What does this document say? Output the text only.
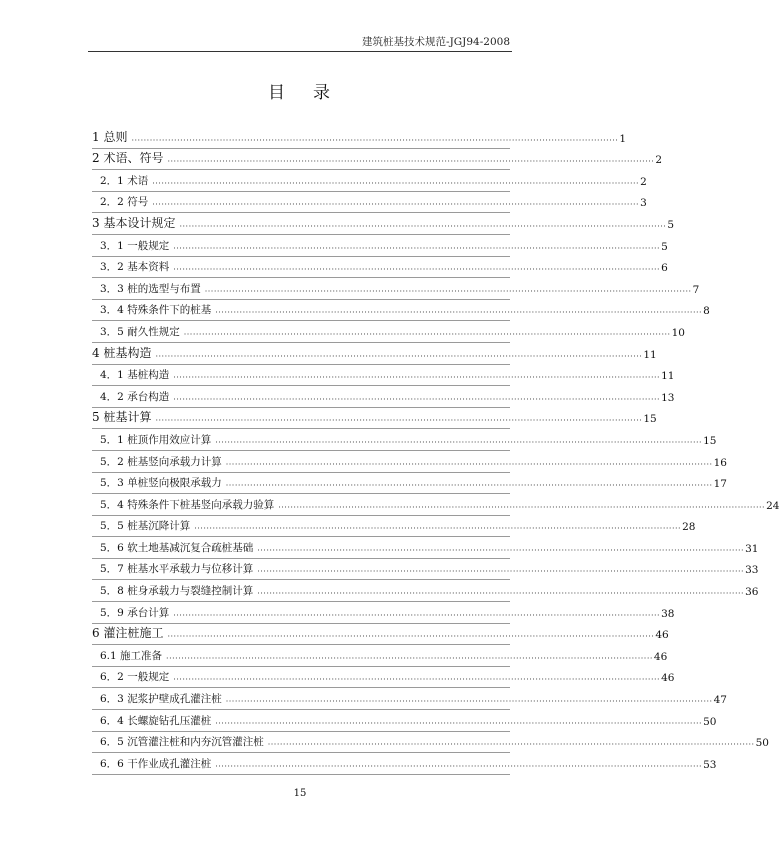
建筑桩基技术规范-JGJ94-2008
目 录
1 总则 ································································································································································ 1
2 术语、符号 ································································································································································ 2
2．1 术语 ································································································································································ 2
2．2 符号 ································································································································································ 3
3 基本设计规定 ································································································································································ 5
3．1 一般规定 ································································································································································ 5
3．2 基本资料 ································································································································································ 6
3．3 桩的选型与布置 ································································································································································ 7
3．4 特殊条件下的桩基 ································································································································································ 8
3．5 耐久性规定 ································································································································································ 10
4 桩基构造 ································································································································································ 11
4．1 基桩构造 ································································································································································ 11
4．2 承台构造 ································································································································································ 13
5 桩基计算 ································································································································································ 15
5．1 桩顶作用效应计算 ································································································································································ 15
5．2 桩基竖向承载力计算 ································································································································································ 16
5．3 单桩竖向极限承载力 ································································································································································ 17
5．4 特殊条件下桩基竖向承载力验算 ································································································································································ 24
5．5 桩基沉降计算 ································································································································································ 28
5．6 软土地基减沉复合疏桩基础 ································································································································································ 31
5．7 桩基水平承载力与位移计算 ································································································································································ 33
5．8 桩身承载力与裂缝控制计算 ································································································································································ 36
5．9 承台计算 ································································································································································ 38
6 灌注桩施工 ································································································································································ 46
6.1 施工准备 ································································································································································ 46
6．2 一般规定 ································································································································································ 46
6．3 泥浆护壁成孔灌注桩 ································································································································································ 47
6．4 长螺旋钻孔压灌桩 ································································································································································ 50
6．5 沉管灌注桩和内夯沉管灌注桩 ································································································································································ 50
6．6 干作业成孔灌注桩 ································································································································································ 53
15
